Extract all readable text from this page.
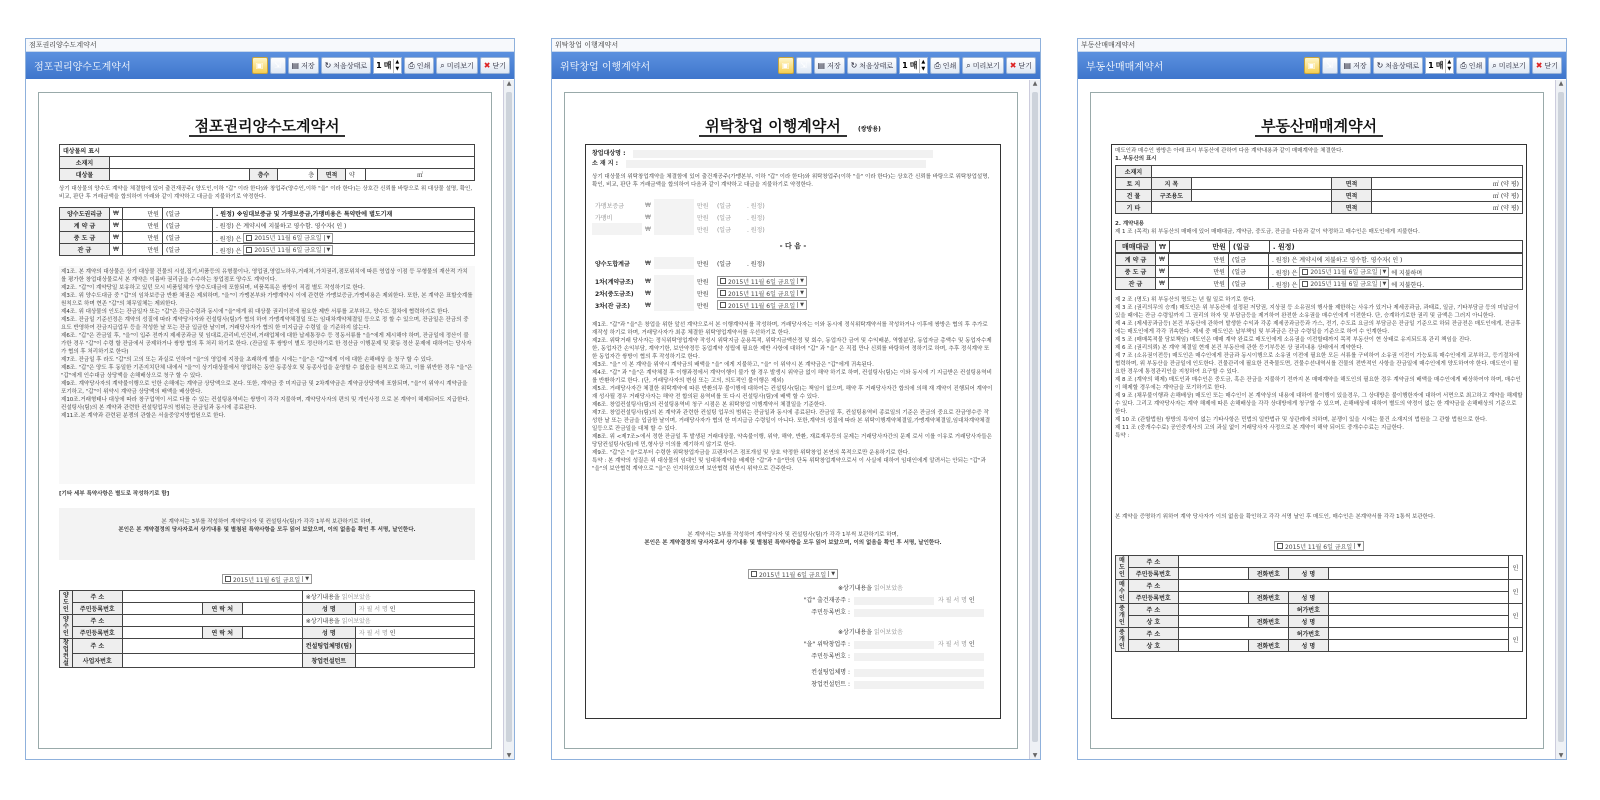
점포권리양수도계약서
점포권리양수도계약서	▣ ⇲ ▤ 저장 ↻ 처음상태로 1 매 ▲
▼ ⎙ 인쇄 ⌕ 미리보기 ✖ 닫기
▲
▼
점포권리양수도계약서
대상물의 표시						
소재지						
대상물		층수	층	면적	약	㎡
상기 대상물의 양수도 계약을 체결함에 있어 출건재공주( 양도인,이하 "갑" 이라 한다)와 창업주(양수인,이하 "을" 이라 한다)는 상호간 신뢰를 바탕으로 위 대상물 설명, 확인, 비교, 판단 후 거래금액을 합의하여 아래와 같이 계약하고 대금을 지불하기로 약정한다.
양수도권리금	₩	만원	(일금	. 원정) ※임대보증금 및 가맹보증금,가맹비용은 특약란에 별도기재
계 약 금	₩	만원	(일금	. 원정) 은 계약시에 지불하고 영수함. 영수자( 인 )
중 도 금	₩	만원	(일금	. 원정) 은 2015년 11월 6일 금요일 ▼

잔 금	₩	만원	(일금	. 원정) 은 2015년 11월 6일 금요일 ▼
제1조. 본 계약의 대상물은 상기 대상물 건물의 시설,집기,비품등의 유형물이나, 영업권,영업노하우,거래처,가치권리,점포위치에 따른 영업상 이점 등 무형물의 재산적 가치를 평가한 창업대상물로서 본 계약은 이름바 권리금을 수수하는 창업점포 양수도 계약이다.
제2조. "갑"이 계약당일 보유하고 있던 모시 비품일체가 양수도대금에 포함되며, 비품목록은 쌍방이 직접 별도 작성하기로 한다.
제3조. 위 양수도대금 중 "갑"의 임차보증금 반환 채권은 제외하며, "을"이 가맹본부와 가맹계약시 이에 관련한 가맹보증금,가맹비용은 제외한다. 또한, 본 계약은 표할숫계를 원칙으로 하며 현존 "갑"의 채무일체는 제외한다.
제4조. 위 대상물의 인도는 잔금일자 또는 "갑"은 잔금수령과 동시에 "을"에게 위 대상물 권리이전에 필요한 제반 서류를 교부하고, 양수도 절차에 협력하기로 한다.
제5조. 잔금일 기준선정은 계약의 성질에 따라 계약당사자와 컨설팅사(팀)가 협의 하여 가맹계약체결일 또는 임대차계약체결일 등으로 정 할 수 있으며, 잔금일은 잔금의 중요도 반영하여 잔금지급업무 등을 작성한 날 또는 잔금 입금한 날이며, 거래당사자가 협의 한 미지급금 수령일 을 기준하지 않는다.
제6조. "갑"은 잔금일 후, "을"이 입주 전까지 제세공과금 및 임대료,관리비,인건비,거래업체에 대한 납세통장수 등 정동서류를 "을"에게 제시해야 하며, 잔금일에 정산이 불가한 경우 "갑"이 수령 할 잔금에서 공제하거나 쌍방 협의 후 처리 하기로 한다. (잔금일 후 쌍방이 별도 정산하기로 한 정산금 이행문제 및 잦동 정산 문제에 대하여는 당사자가 협의 후 처리하기로 한다)
제7조. 잔금일 후 라도 "갑"의 고의 또는 과실로 인하여 "을"의 영업에 지장을 초래하게 했을 시에는 "을"은 "갑"에게 이에 대한 손해배상 을 청구 할 수 있다.
제8조. "갑"은 양도 후 동일한 기존지치단체 내에서 "을"이 상기대상물에서 영업하는 동안 동종상호 및 동종사업을 운영할 수 없음을 원칙으로 하고, 이를 위반한 경우 "을"은 "갑"에게 인수대금 상당액을 손해배상으로 청구 할 수 있다.
제9조. 계약당사자의 계약불이행으로 인한 손해에는 계약금 상당액으로 본다. 또한, 계약금 중 미지급금 및 2차계약금은 계약금상당액에 포함되며, "을"이 위약시 계약금을 포기하고, "갑"이 위약시 계약금 상당액의 배액을 배상한다.
제10조.거래형태나 대상에 따라 창구업역이 서로 다를 수 있는 컨설팅용역비는 쌍방이 각각 지불하며, 계약당사자의 편의 및 개인사정 으로 본 계약이 해제되어도 지급한다. 컨설팅사(팀)의 본 계약과 관련한 컨설팅업무의 범위는 잔금일과 동시에 종료된다.
제11조.본 계약과 관련된 분쟁의 관할은 서울중앙지방법원으로 한다.
[기타 세부 특약사항은 별도로 작성하기로 함]
본 계약서는 3부를 작성하여 계약당사자 및 컨설팅사(팀)가 각각 1부씩 보관하기로 하며,
본인은 본 계약결정의 당사자로서 상기내용 및 별첨된 특약사항을 모두 읽어 보았으며, 이의 없음을 확인 후 서명, 날인한다.
2015년 11월 6일 금요일	▼
양도인	주 소				※상기내용을 읽어보았음	
	주민등록번호		연 락 처		성 명	자 필 서 명 인
양수인	주 소				※상기내용을 읽어보았음	
	주민등록번호		연 락 처		성 명	자 필 서 명 인
창업컨설	주 소				컨설팅업체명(팀)	
	사업자번호				창업컨설턴트	
위탁창업 이행계약서
위탁창업 이행계약서	▣ ⇲ ▤ 저장 ↻ 처음상태로 1 매 ▲
▼ ⎙ 인쇄 ⌕ 미리보기 ✖ 닫기
▲
▼
위탁창업 이행계약서	(쌍방용)
창업대상명 :
소 재 지 :
상기 대상물의 위탁창업계약을 체결함에 있어 출건재공주(가맹본부, 이하 "갑" 이라 한다)와 위탁창업주(이하 "을" 이라 한다)는 상호간 신뢰를 바탕으로 위탁창업설명, 확인, 비교, 판단 후 거래금액을 합의하여 다음과 같이 계약하고 대금을 지불하기로 약정한다.
가맹보증금	₩		만원	(일금	. 원정)
가맹비	₩		만원	(일금	. 원정)
	₩		만원	(일금	. 원정)
- 다 음 -
양수도합계금	₩		만원	(일금	. 원정)
1차(계약금조)	₩		만원	2015년 11월 6일 금요일 ▼

2차(중도금조)	₩		만원	2015년 11월 6일 금요일 ▼

3차(잔 금조)	₩		만원	2015년 11월 6일 금요일 ▼
제1조. "갑"과 "을"은 창업을 위한 앞선 계약으로서 본 이행계약서를 작성하며, 거래당사자는 이와 동시에 정식위탁계약서를 작성하거나 이후에 쌍방은 협의 후 추가로 재작성 하기로 하며, 거래당사자가 최종 체결한 위탁영업계약서를 우선하기로 한다.
제2조. 위탁거래 당사자는 정식위탁영업계약 작성시 위탁지금 운용목적, 위탁지금액산정 및 회수, 동업자간 금여 및 수익배분, 역할분담, 동업자금 총액수 및 동업자수제한, 동업자간 손익부담, 계약기한, 보안약정등 동업계약 성립에 필요한 제반 사항에 대하여 "갑" 과 "을" 은 직접 만나 신뢰를 바탕하여 정하기로 하며, 추후 정식계약 또한 동업자간 쌍방이 협의 후 작성하기로 한다.
제3조. "을" 이 본 계약을 위약시 계약금의 배액을 "을" 에게 지불하고, "을" 이 위약시 본 계약금은 "갑"에게 귀속된다.
제4조. "갑" 과 "을"은 계약체결 후 이행과정에서 계약이행이 불가 할 경우 발생시 위약금 없이 해약 하기로 하며, 컨설팅사(팀)는 이와 동시에 기 지급받은 컨설팅용역비를 반환하기로 한다. (단, 거래당사자의 변심 또는 고의, 의도적인 불이행은 제외)
제5조. 거래당사자간 체결한 위탁계약에 따른 반환의무 불이행에 대하여는 컨설팅사(팀)는 책임이 없으며, 해약 후 거래당사자간 합의에 의해 재 계약이 진행되어 계약이 재 성사될 경우 거래당사자는 해약 전 합의된 용역비를 또 다시 컨설팅사(팀)에 배액 할 수 있다.
제6조. 창업컨설팅사(팀)의 컨설팅용역비 청구 시점은 본 위탁창업 이행계약서 체결일을 기준한다.
제7조. 창업컨설팅사(팀)의 본 계약과 관련한 컨설팅 업무의 범위는 잔금일과 동시에 종료된다. 잔금일 후, 컨설팅용역비 종료일의 기준은 잔금의 중요로 잔금영수증 작성한 날 또는 잔금을 입금한 날이며, 거래당사자가 협의 한 미지급금 수령일이 아니다. 또한,계약의 성질에 따라 본 위탁이행계약체결일,가맹계약체결일,임대차계약체결일등으로 잔금일을 대체 할 수 있다.
제8조. 위 <제7조>에서 정한 잔금일 후 발생된 거래대상물, 약속불이행, 위약, 해약, 반환, 재료재무등의 문제는 거래당사자간의 문제 로서 이를 이유로 거래당사자들은 당담컨설팅사(팀)에 민,형사상 이의를 제기하지 않기로 한다.
제9조. "갑"은 "을"로부터 수령한 위탁창업자금을 프랜차이즈 점포개설 및 상호 약정한 위탁창업 본연의 목적으로만 운용하기로 한다.
특약 : 본 계약의 성질은 위 대상물의 임대인 및 임대차계약을 배제한 "갑"과 "을"만의 단독 위탁창업계약으로서 이 사실에 대하여 임대인에게 알려서는 안되는 "갑"과 "을"의 보안협력 계약으로 "을"은 인지하였으며 보안협력 위반시 위약으로 간주한다.
본 계약서는 3부를 작성하여 계약당사자 및 컨설팅사(팀)가 각각 1부씩 보관하기로 하며,
본인은 본 계약결정의 당사자로서 상기내용 및 별첨된 특약사항을 모두 읽어 보았으며, 이의 없음을 확인 후 서명, 날인한다.
2015년 11월 6일 금요일	▼
※상기내용을 읽어보았음
"갑" 출건재공주 :	자 필 서 명 인
주민등록번호 :
※상기내용을 읽어보았음
"을" 위탁창업주 :	자 필 서 명 인
주민등록번호 :
컨설팅업체명 :
창업컨설턴트 :
부동산매매계약서
부동산매매계약서	▣ ⇲ ▤ 저장 ↻ 처음상태로 1 매 ▲
▼ ⎙ 인쇄 ⌕ 미리보기 ✖ 닫기
▲
▼
부동산매매계약서
매도인과 매수인 쌍방은 아래 표시 부동산에 관하여 다음 계약내용과 같이 매매계약을 체결한다.
1. 부동산의 표시
소재지				
토 지	지 목		면적	㎡ (약 평)
건 물	구조용도		면적	㎡ (약 평)
기 타			면적	㎡ (약 평)
2. 계약내용
제 1 조 (목적) 위 부동산의 매매에 있어 매매대금, 계약금, 중도금, 잔금을 다음과 같이 약정하고 매수인은 매도인에게 지불한다.
매매대금	₩	만원	(일금	. 원정)
계 약 금	₩	만원	(일금	. 원정) 은 계약시에 지불하고 영수함. 영수자( 인 )
중 도 금	₩	만원	(일금	. 원정) 은 2015년 11월 6일 금요일 ▼ 에 지불하며
잔 금	₩	만원	(일금	. 원정) 은 2015년 11월 6일 금요일 ▼ 에 지불한다.
제 2 조 (명도) 위 부동산의 명도는 년 월 일로 하기로 한다.
제 3 조 (권리의무의 승계) 매도인은 위 부동산에 설정된 저당권, 지상권 등 소유권의 행사를 제한하는 사유가 있거나 제세공과금, 과태료, 일금, 기타부담금 등의 미납금이 있을 때에는 잔금 수령일까지 그 권리의 하자 및 부담금등을 제거하여 완전한 소유권을 매수인에게 이전한다. 단, 승계하기로한 권리 및 금액은 그러지 아니한다.
제 4 조 (제세공과금등) 본건 부동산에 관하여 발생한 수익과 각종 제세공과금등과 가스, 전기, 수도료 요금의 부담금은 잔금일 기준으로 하되 잔금전은 매도인에게, 잔금후에는 매도인에게 각각 귀속한다. 제세 중 매도인은 납부책임 및 부과금은 잔금 수령일을 기준으로 하여 수 인계한다.
제 5 조 (매매목적물 담보책임) 매도인은 매매 계약 완료로 매도인에게 소유권을 이전할때까지 목적 부동산이 현 상태로 유지되도록 관리 책임을 진다.
제 6 조 (권리의뢰) 본 계약 체결일 현재 본건 부동산에 관한 등기부등본 상 권리내용 상태에서 계약한다.
제 7 조 (소유권이전등) 매도인은 매수인에게 잔금과 동시이행으로 소유권 이전에 필요한 모든 서류를 구비하여 소유권 이전이 가능토록 매수인에게 교부하고, 등기절차에 협력하며, 위 부동산을 잔금일에 인도한다. 건물관리에 필요한 건축물도면, 건물수선내역서를 건물의 전반적인 사항을 잔금일에 매수인에게 양도하여야 한다. 매도인이 필요한 경우에 통정관리인을 지칭하여 요구할 수 있다.
제 8 조 (계약의 해제) 매도인과 매수인은 중도금, 혹은 잔금을 지불하기 전까지 본 매매계약을 해도인의 필요한 경우 계약금의 배액을 매수인에게 배상하여야 하며, 매수인이 해제할 경우에는 계약금을 포기하기로 한다.
제 9 조 (채무불이행과 손해배상) 매도인 또는 매수인이 본 계약상의 내용에 대하여 불이행이 있을경우, 그 상대방은 불이행한자에 대하여 서면으로 최고하고 계약을 해제할 수 있다. 그리고 계약당사자는 계약 해제에 따른 손해배상을 각각 상대방에게 청구할 수 있으며, 손해배상에 대하여 별도의 약정이 없는 한 계약금을 손해배상의 기준으로 한다.
제 10 조 (관할법원) 쌍방의 특약이 없는 기타사항은 민법의 일반법규 및 상관례에 의하며, 분쟁이 있을 시에는 물건 소재지의 법원을 그 관할 법원으로 한다.
제 11 조 (중개수수료) 공인중개사의 고의 과실 없이 거래당사자 사정으로 본 계약이 해약 되어도 중개수수료는 지급한다.
특약 :
본 계약을 증명하기 위하여 계약 당사자가 이의 없음을 확인하고 각각 서명 날인 후 매도인, 매수인은 본계약서를 각각 1통씩 보관한다.
2015년 11월 6일 금요일	▼
매도인	주 소					인
	주민등록번호		전화번호	성 명		
매수인	주 소					인
	주민등록번호		전화번호	성 명		
중개인	주 소			허가번호		인
	상 호		전화번호	성 명		
중개인	주 소			허가번호		인
	상 호		전화번호	성 명		
